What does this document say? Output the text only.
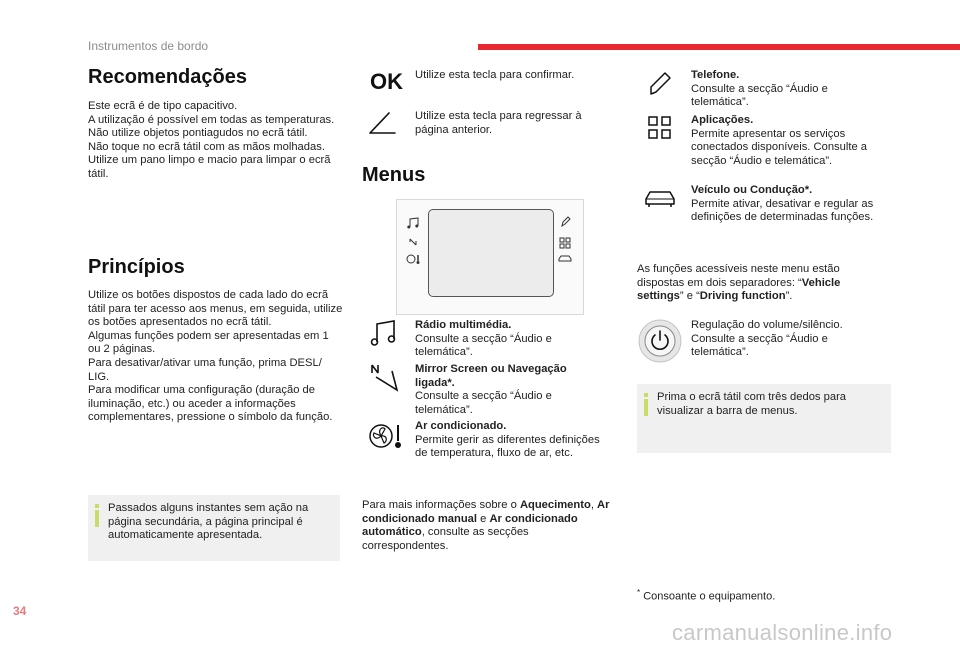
Instrumentos de bordo
Recomendações

Este ecrã é de tipo capacitivo.

A utilização é possível em todas as temperaturas.

Não utilize objetos pontiagudos no ecrã tátil.

Não toque no ecrã tátil com as mãos molhadas.

Utilize um pano limpo e macio para limpar o ecrã tátil.

Princípios

Utilize os botões dispostos de cada lado do ecrã tátil para ter acesso aos menus, em seguida, utilize os botões apresentados no ecrã tátil.

Algumas funções podem ser apresentadas em 1 ou 2 páginas.

Para desativar/ativar uma função, prima DESL/ LIG.

Para modificar uma configuração (duração de iluminação, etc.) ou aceder a informações complementares, pressione o símbolo da função.

Passados alguns instantes sem ação na página secundária, a página principal é automaticamente apresentada.
OK Utilize esta tecla para confirmar.
Utilize esta tecla para regressar à página anterior.
Menus
Rádio multimédia.
Consulte a secção “Áudio e telemática”.
Mirror Screen ou Navegação ligada*.
Consulte a secção “Áudio e telemática”.
Ar condicionado.
Permite gerir as diferentes definições de temperatura, fluxo de ar, etc.
Para mais informações sobre o Aquecimento, Ar condicionado manual e Ar condicionado automático, consulte as secções correspondentes.
Telefone.
Consulte a secção “Áudio e telemática”.
Aplicações.
Permite apresentar os serviços conectados disponíveis. Consulte a secção “Áudio e telemática”.
Veículo ou Condução*.
Permite ativar, desativar e regular as definições de determinadas funções.
As funções acessíveis neste menu estão dispostas em dois separadores: “Vehicle settings” e “Driving function”.
Regulação do volume/silêncio. Consulte a secção “Áudio e telemática”.
Prima o ecrã tátil com três dedos para visualizar a barra de menus.
* Consoante o equipamento.
34
carmanualsonline.info
